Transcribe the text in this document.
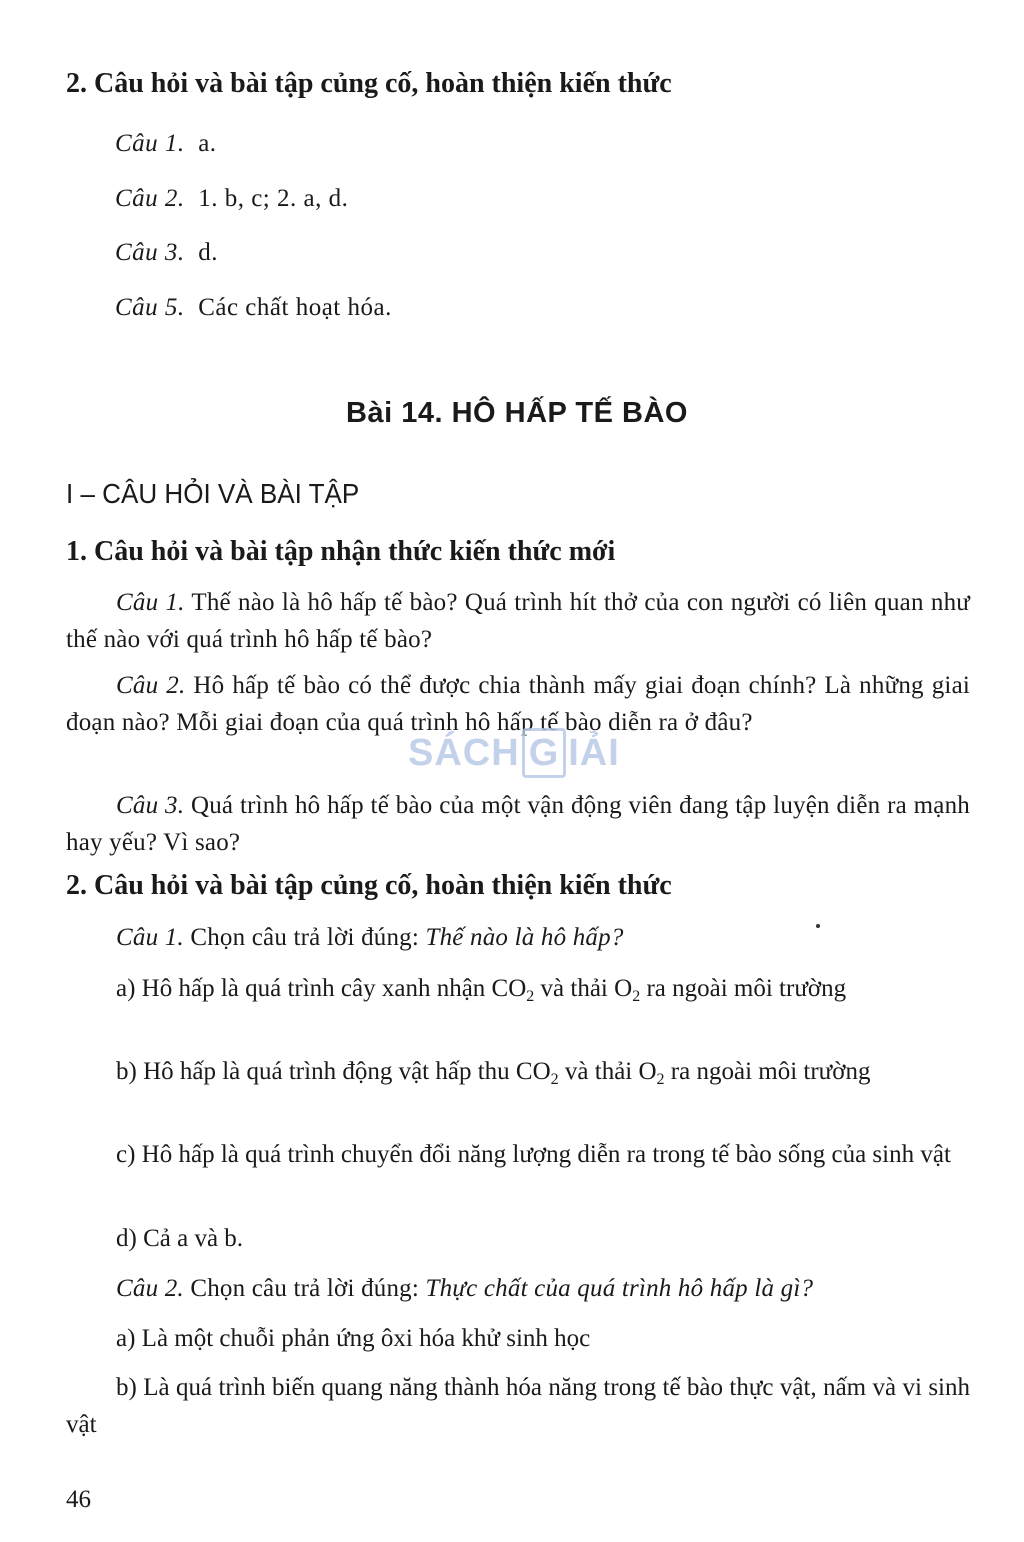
2. Câu hỏi và bài tập củng cố, hoàn thiện kiến thức
Câu 1. a.
Câu 2. 1. b, c; 2. a, d.
Câu 3. d.
Câu 5. Các chất hoạt hóa.
Bài 14. HÔ HẤP TẾ BÀO
I – CÂU HỎI VÀ BÀI TẬP
1. Câu hỏi và bài tập nhận thức kiến thức mới
Câu 1. Thế nào là hô hấp tế bào? Quá trình hít thở của con người có liên quan như thế nào với quá trình hô hấp tế bào?
Câu 2. Hô hấp tế bào có thể được chia thành mấy giai đoạn chính? Là những giai đoạn nào? Mỗi giai đoạn của quá trình hô hấp tế bào diễn ra ở đâu?
Câu 3. Quá trình hô hấp tế bào của một vận động viên đang tập luyện diễn ra mạnh hay yếu? Vì sao?
2. Câu hỏi và bài tập củng cố, hoàn thiện kiến thức
Câu 1. Chọn câu trả lời đúng: Thế nào là hô hấp?
a) Hô hấp là quá trình cây xanh nhận $CO_2$ và thải $O_2$ ra ngoài môi trường
b) Hô hấp là quá trình động vật hấp thu $CO_2$ và thải $O_2$ ra ngoài môi trường
c) Hô hấp là quá trình chuyển đổi năng lượng diễn ra trong tế bào sống của sinh vật
d) Cả a và b.
Câu 2. Chọn câu trả lời đúng: Thực chất của quá trình hô hấp là gì?
a) Là một chuỗi phản ứng ôxi hóa khử sinh học
b) Là quá trình biến quang năng thành hóa năng trong tế bào thực vật, nấm và vi sinh vật
SÁCH G IẢI
46
